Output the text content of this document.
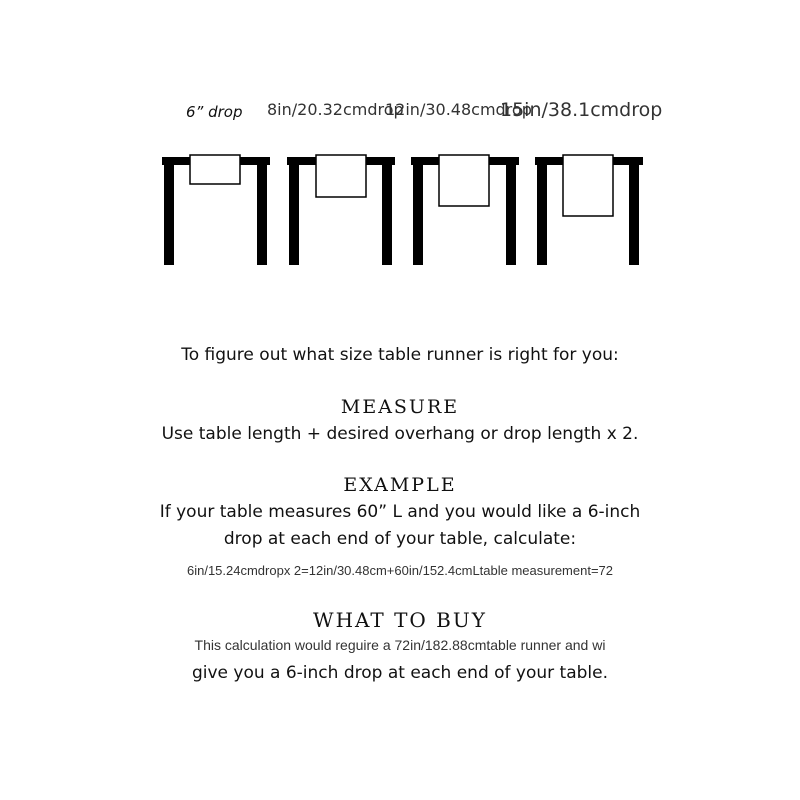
6” drop 8in/20.32cmdrop
12in/30.48cmdrop
15in/38.1cmdrop
To figure out what size table runner is right for you:
MEASURE
Use table length + desired overhang or drop length x 2.
EXAMPLE
If your table measures 60” L and you would like a 6-inch
drop at each end of your table, calculate:
6in/15.24cmdropx 2=12in/30.48cm+60in/152.4cmLtable measurement=72
WHAT TO BUY
This calculation would reguire a 72in/182.88cmtable runner and wi
give you a 6-inch drop at each end of your table.
